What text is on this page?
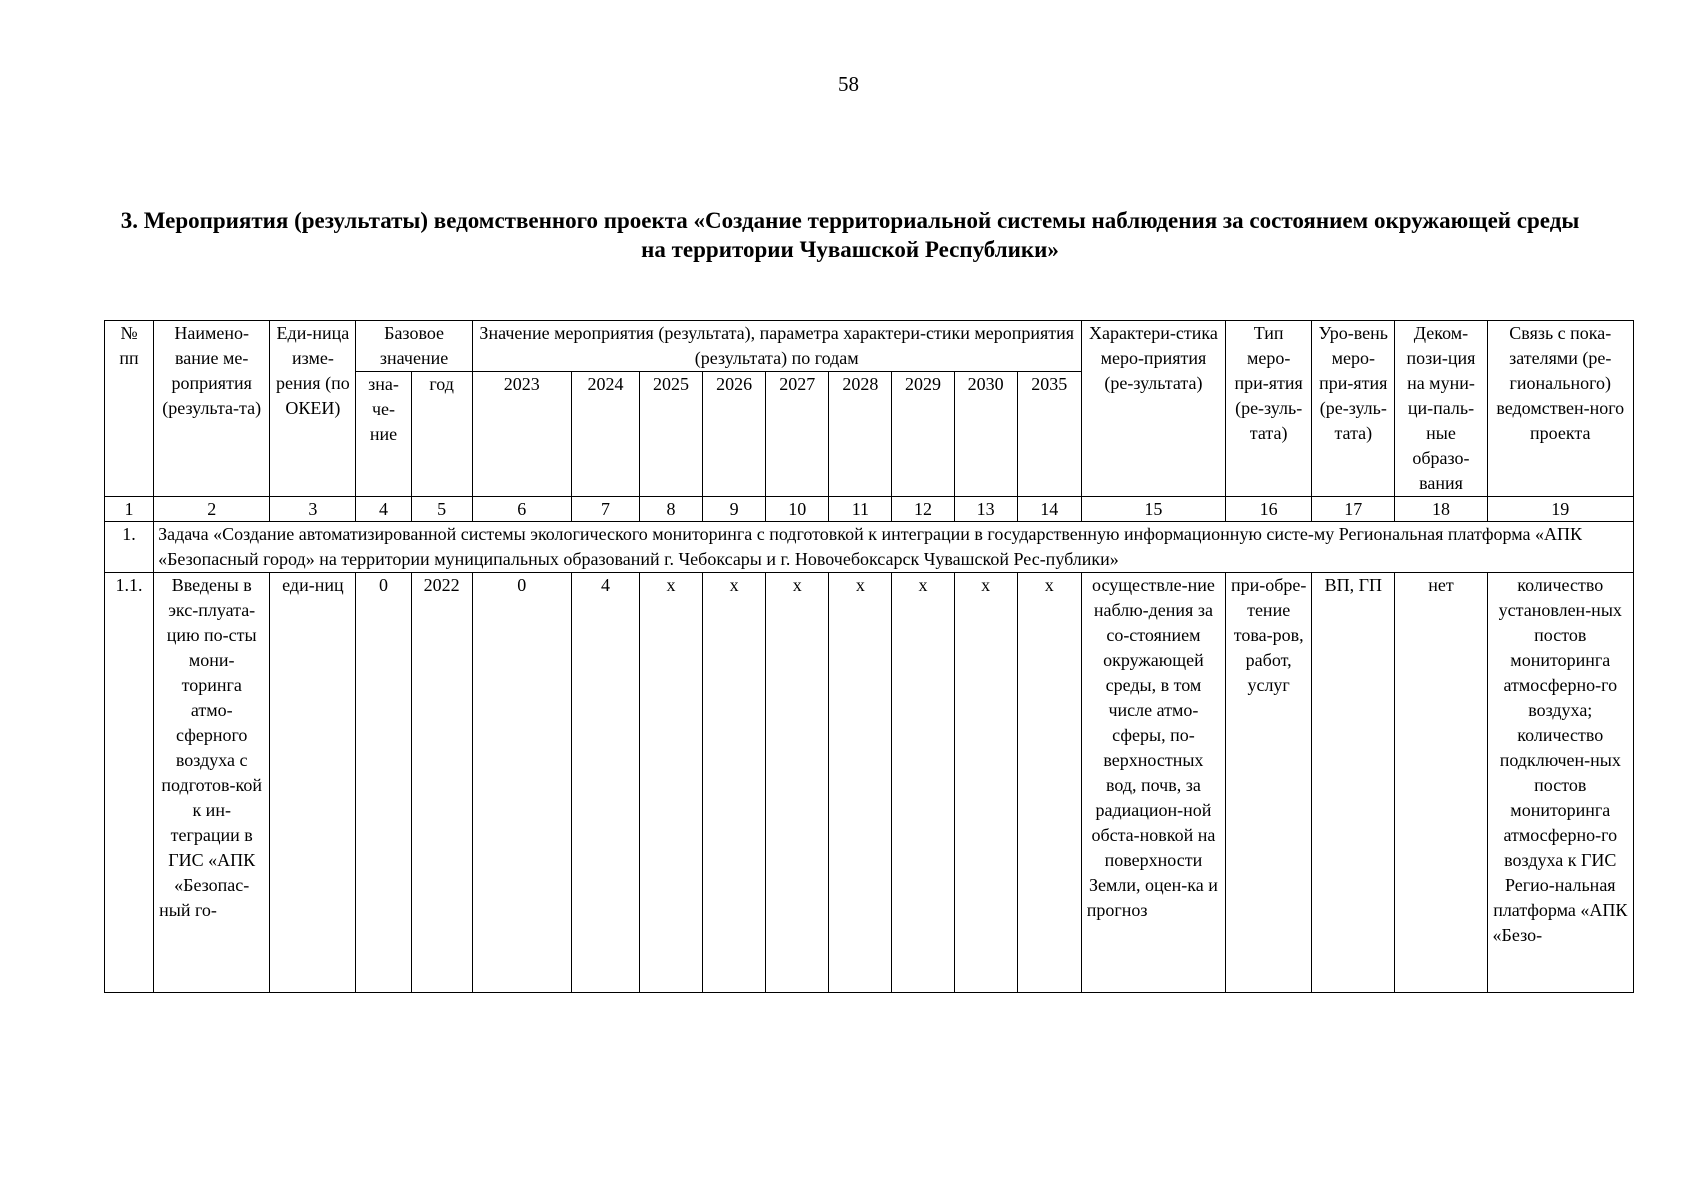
58
3. Мероприятия (результаты) ведомственного проекта «Создание территориальной системы наблюдения за состоянием окружающей среды на территории Чувашской Республики»
№ пп	Наимено-вание ме-роприятия (результа-та)	Еди-ница изме-рения (по ОКЕИ)	Базовое значение		Значение мероприятия (результата), параметра характери-стики мероприятия (результата) по годам									Характери-стика меро-приятия (ре-зультата)	Тип меро-при-ятия (ре-зуль-тата)	Уро-вень меро-при-ятия (ре-зуль-тата)	Деком-пози-ция на муни-ци-паль-ные образо-вания	Связь с пока-зателями (ре-гионального) ведомствен-ного проекта
			зна-че-ние	год	2023	2024	2025	2026	2027	2028	2029	2030	2035					

1	2	3	4	5	6	7	8	9	10	11	12	13	14	15	16	17	18	19
1.	Задача «Создание автоматизированной системы экологического мониторинга с подготовкой к интеграции в государственную информационную систе-му Региональная платформа «АПК «Безопасный город» на территории муниципальных образований г. Чебоксары и г. Новочебоксарск Чувашской Рес-публики»																	
1.1.	Введены в экс-плуата-цию по-сты мони-торинга атмо-сферного воздуха с подготов-кой к ин-теграции в ГИС «АПК «Безопас-ный го-	еди-ниц	0	2022	0	4	х	х	х	х	х	х	х	осуществле-ние наблю-дения за со-стоянием окружающей среды, в том числе атмо-сферы, по-верхностных вод, почв, за радиацион-ной обста-новкой на поверхности Земли, оцен-ка и прогноз	при-обре-тение това-ров, работ, услуг	ВП, ГП	нет	количество установлен-ных постов мониторинга атмосферно-го воздуха; количество подключен-ных постов мониторинга атмосферно-го воздуха к ГИС Регио-нальная платформа «АПК «Безо-
